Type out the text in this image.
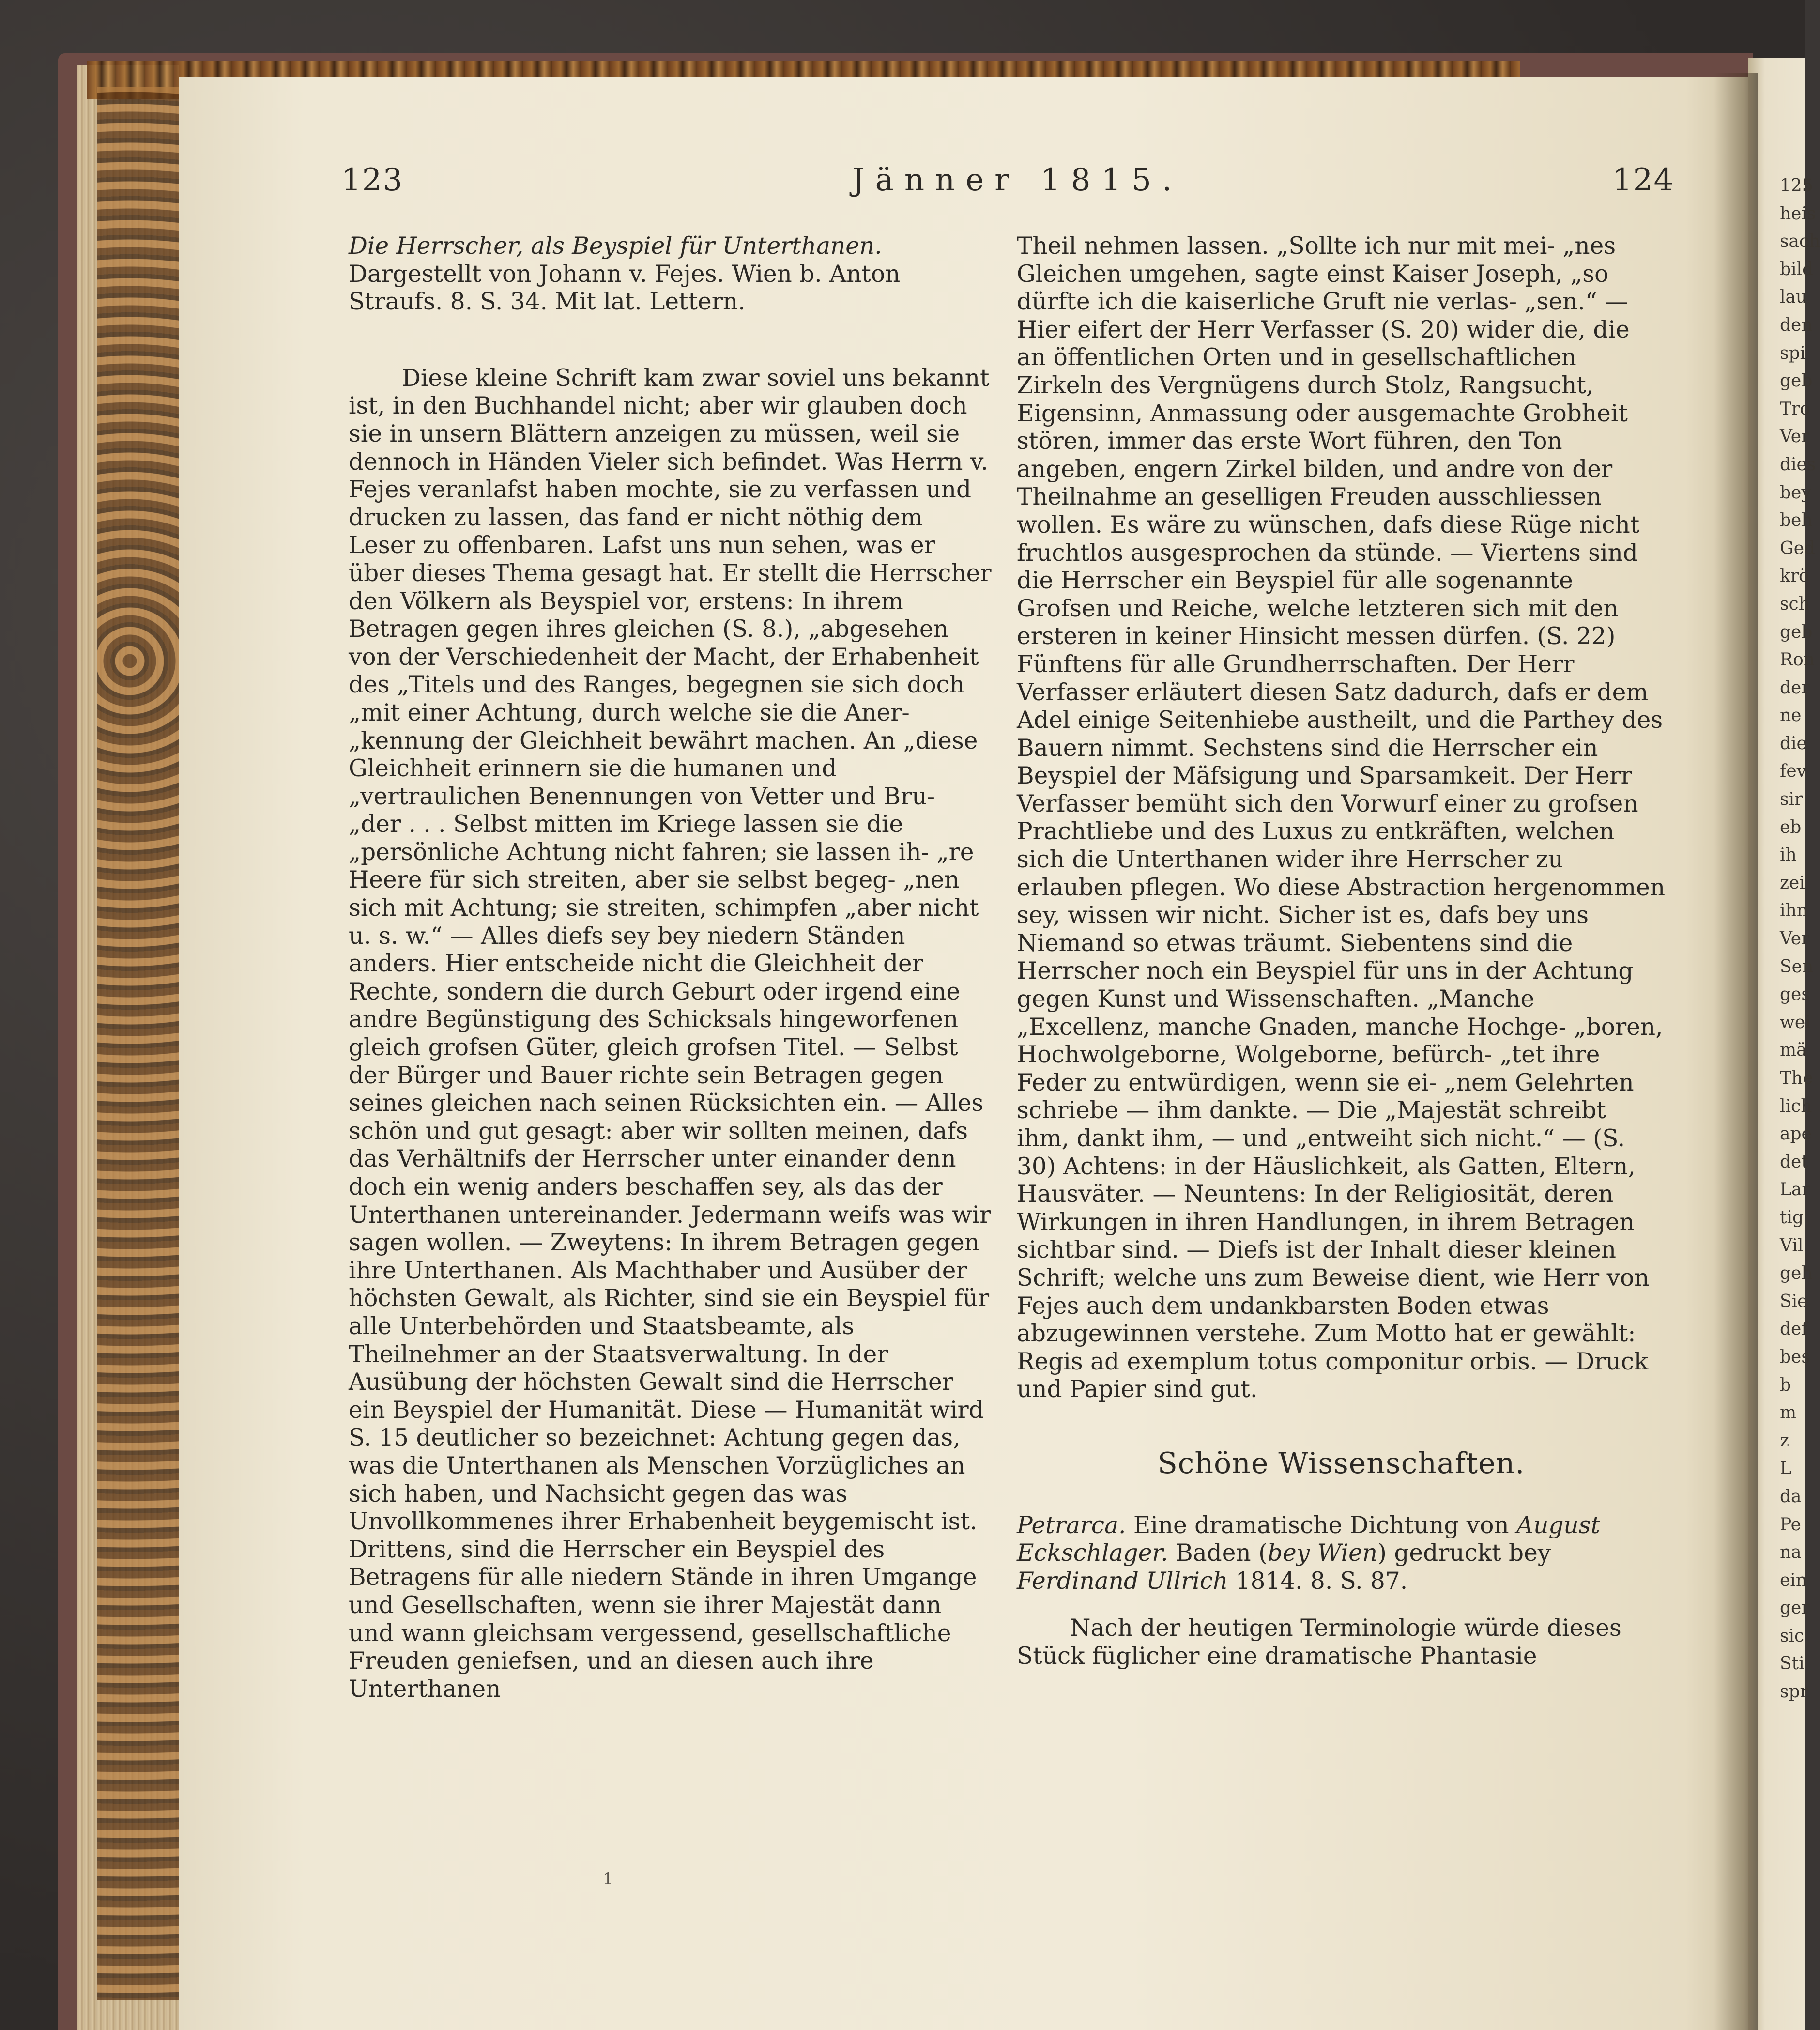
123	Jänner 1815.	124

Die Herrscher, als Beyspiel für Unterthanen. Dargestellt von Johann v. Fejes. Wien b. Anton Straufs. 8. S. 34. Mit lat. Lettern.

Diese kleine Schrift kam zwar soviel uns bekannt ist, in den Buchhandel nicht; aber wir glauben doch sie in unsern Blättern anzeigen zu müssen, weil sie dennoch in Händen Vieler sich befindet. Was Herrn v. Fejes veranlafst haben mochte, sie zu verfassen und drucken zu lassen, das fand er nicht nöthig dem Leser zu offenbaren. Lafst uns nun sehen, was er über dieses Thema gesagt hat. Er stellt die Herrscher den Völkern als Beyspiel vor, erstens: In ihrem Betragen gegen ihres gleichen (S. 8.), „abgesehen von der Verschiedenheit der Macht, der Erhabenheit des „Titels und des Ranges, begegnen sie sich doch „mit einer Achtung, durch welche sie die Aner- „kennung der Gleichheit bewährt machen. An „diese Gleichheit erinnern sie die humanen und „vertraulichen Benennungen von Vetter und Bru- „der . . . Selbst mitten im Kriege lassen sie die „persönliche Achtung nicht fahren; sie lassen ih- „re Heere für sich streiten, aber sie selbst begeg- „nen sich mit Achtung; sie streiten, schimpfen „aber nicht u. s. w.“ — Alles diefs sey bey niedern Ständen anders. Hier entscheide nicht die Gleichheit der Rechte, sondern die durch Geburt oder irgend eine andre Begünstigung des Schicksals hingeworfenen gleich grofsen Güter, gleich grofsen Titel. — Selbst der Bürger und Bauer richte sein Betragen gegen seines gleichen nach seinen Rücksichten ein. — Alles schön und gut gesagt: aber wir sollten meinen, dafs das Verhältnifs der Herrscher unter einander denn doch ein wenig anders beschaffen sey, als das der Unterthanen untereinander. Jedermann weifs was wir sagen wollen. — Zweytens: In ihrem Betragen gegen ihre Unterthanen. Als Machthaber und Ausüber der höchsten Gewalt, als Richter, sind sie ein Beyspiel für alle Unterbehörden und Staatsbeamte, als Theilnehmer an der Staatsverwaltung. In der Ausübung der höchsten Gewalt sind die Herrscher ein Beyspiel der Humanität. Diese — Humanität wird S. 15 deutlicher so bezeichnet: Achtung gegen das, was die Unterthanen als Menschen Vorzügliches an sich haben, und Nachsicht gegen das was Unvollkommenes ihrer Erhabenheit beygemischt ist. Drittens, sind die Herrscher ein Beyspiel des Betragens für alle niedern Stände in ihren Umgange und Gesellschaften, wenn sie ihrer Majestät dann und wann gleichsam vergessend, gesellschaftliche Freuden geniefsen, und an diesen auch ihre Unterthanen

1

Theil nehmen lassen. „Sollte ich nur mit mei- „nes Gleichen umgehen, sagte einst Kaiser Joseph, „so dürfte ich die kaiserliche Gruft nie verlas- „sen.“ — Hier eifert der Herr Verfasser (S. 20) wider die, die an öffentlichen Orten und in gesellschaftlichen Zirkeln des Vergnügens durch Stolz, Rangsucht, Eigensinn, Anmassung oder ausgemachte Grobheit stören, immer das erste Wort führen, den Ton angeben, engern Zirkel bilden, und andre von der Theilnahme an geselligen Freuden ausschliessen wollen. Es wäre zu wünschen, dafs diese Rüge nicht fruchtlos ausgesprochen da stünde. — Viertens sind die Herrscher ein Beyspiel für alle sogenannte Grofsen und Reiche, welche letzteren sich mit den ersteren in keiner Hinsicht messen dürfen. (S. 22) Fünftens für alle Grundherrschaften. Der Herr Verfasser erläutert diesen Satz dadurch, dafs er dem Adel einige Seitenhiebe austheilt, und die Parthey des Bauern nimmt. Sechstens sind die Herrscher ein Beyspiel der Mäfsigung und Sparsamkeit. Der Herr Verfasser bemüht sich den Vorwurf einer zu grofsen Prachtliebe und des Luxus zu entkräften, welchen sich die Unterthanen wider ihre Herrscher zu erlauben pflegen. Wo diese Abstraction hergenommen sey, wissen wir nicht. Sicher ist es, dafs bey uns Niemand so etwas träumt. Siebentens sind die Herrscher noch ein Beyspiel für uns in der Achtung gegen Kunst und Wissenschaften. „Manche „Excellenz, manche Gnaden, manche Hochge- „boren, Hochwolgeborne, Wolgeborne, befürch- „tet ihre Feder zu entwürdigen, wenn sie ei- „nem Gelehrten schriebe — ihm dankte. — Die „Majestät schreibt ihm, dankt ihm, — und „entweiht sich nicht.“ — (S. 30) Achtens: in der Häuslichkeit, als Gatten, Eltern, Hausväter. — Neuntens: In der Religiosität, deren Wirkungen in ihren Handlungen, in ihrem Betragen sichtbar sind. — Diefs ist der Inhalt dieser kleinen Schrift; welche uns zum Beweise dient, wie Herr von Fejes auch dem undankbarsten Boden etwas abzugewinnen verstehe. Zum Motto hat er gewählt: Regis ad exemplum totus componitur orbis. — Druck und Papier sind gut.

Schöne Wissenschaften.

Petrarca. Eine dramatische Dichtung von August Eckschlager. Baden (bey Wien) gedruckt bey Ferdinand Ullrich 1814. 8. S. 87.

Nach der heutigen Terminologie würde dieses Stück füglicher eine dramatische Phantasie

125
heis
sach
bild
lau
den
spi
geb
Tro
Ver
dies
bey
beh
Ged
krö
sch
geb
Ron
der
ne
die
fev
sir
eb
ih
zei
ihn
Ver
Sen
ges
wei
mä
The
lich
ape
det
Lar
tig
Vil
geh
Sie
def
bes
b
m
z
L
da
Pe
na
ein
ger
sic
Sti
spr
